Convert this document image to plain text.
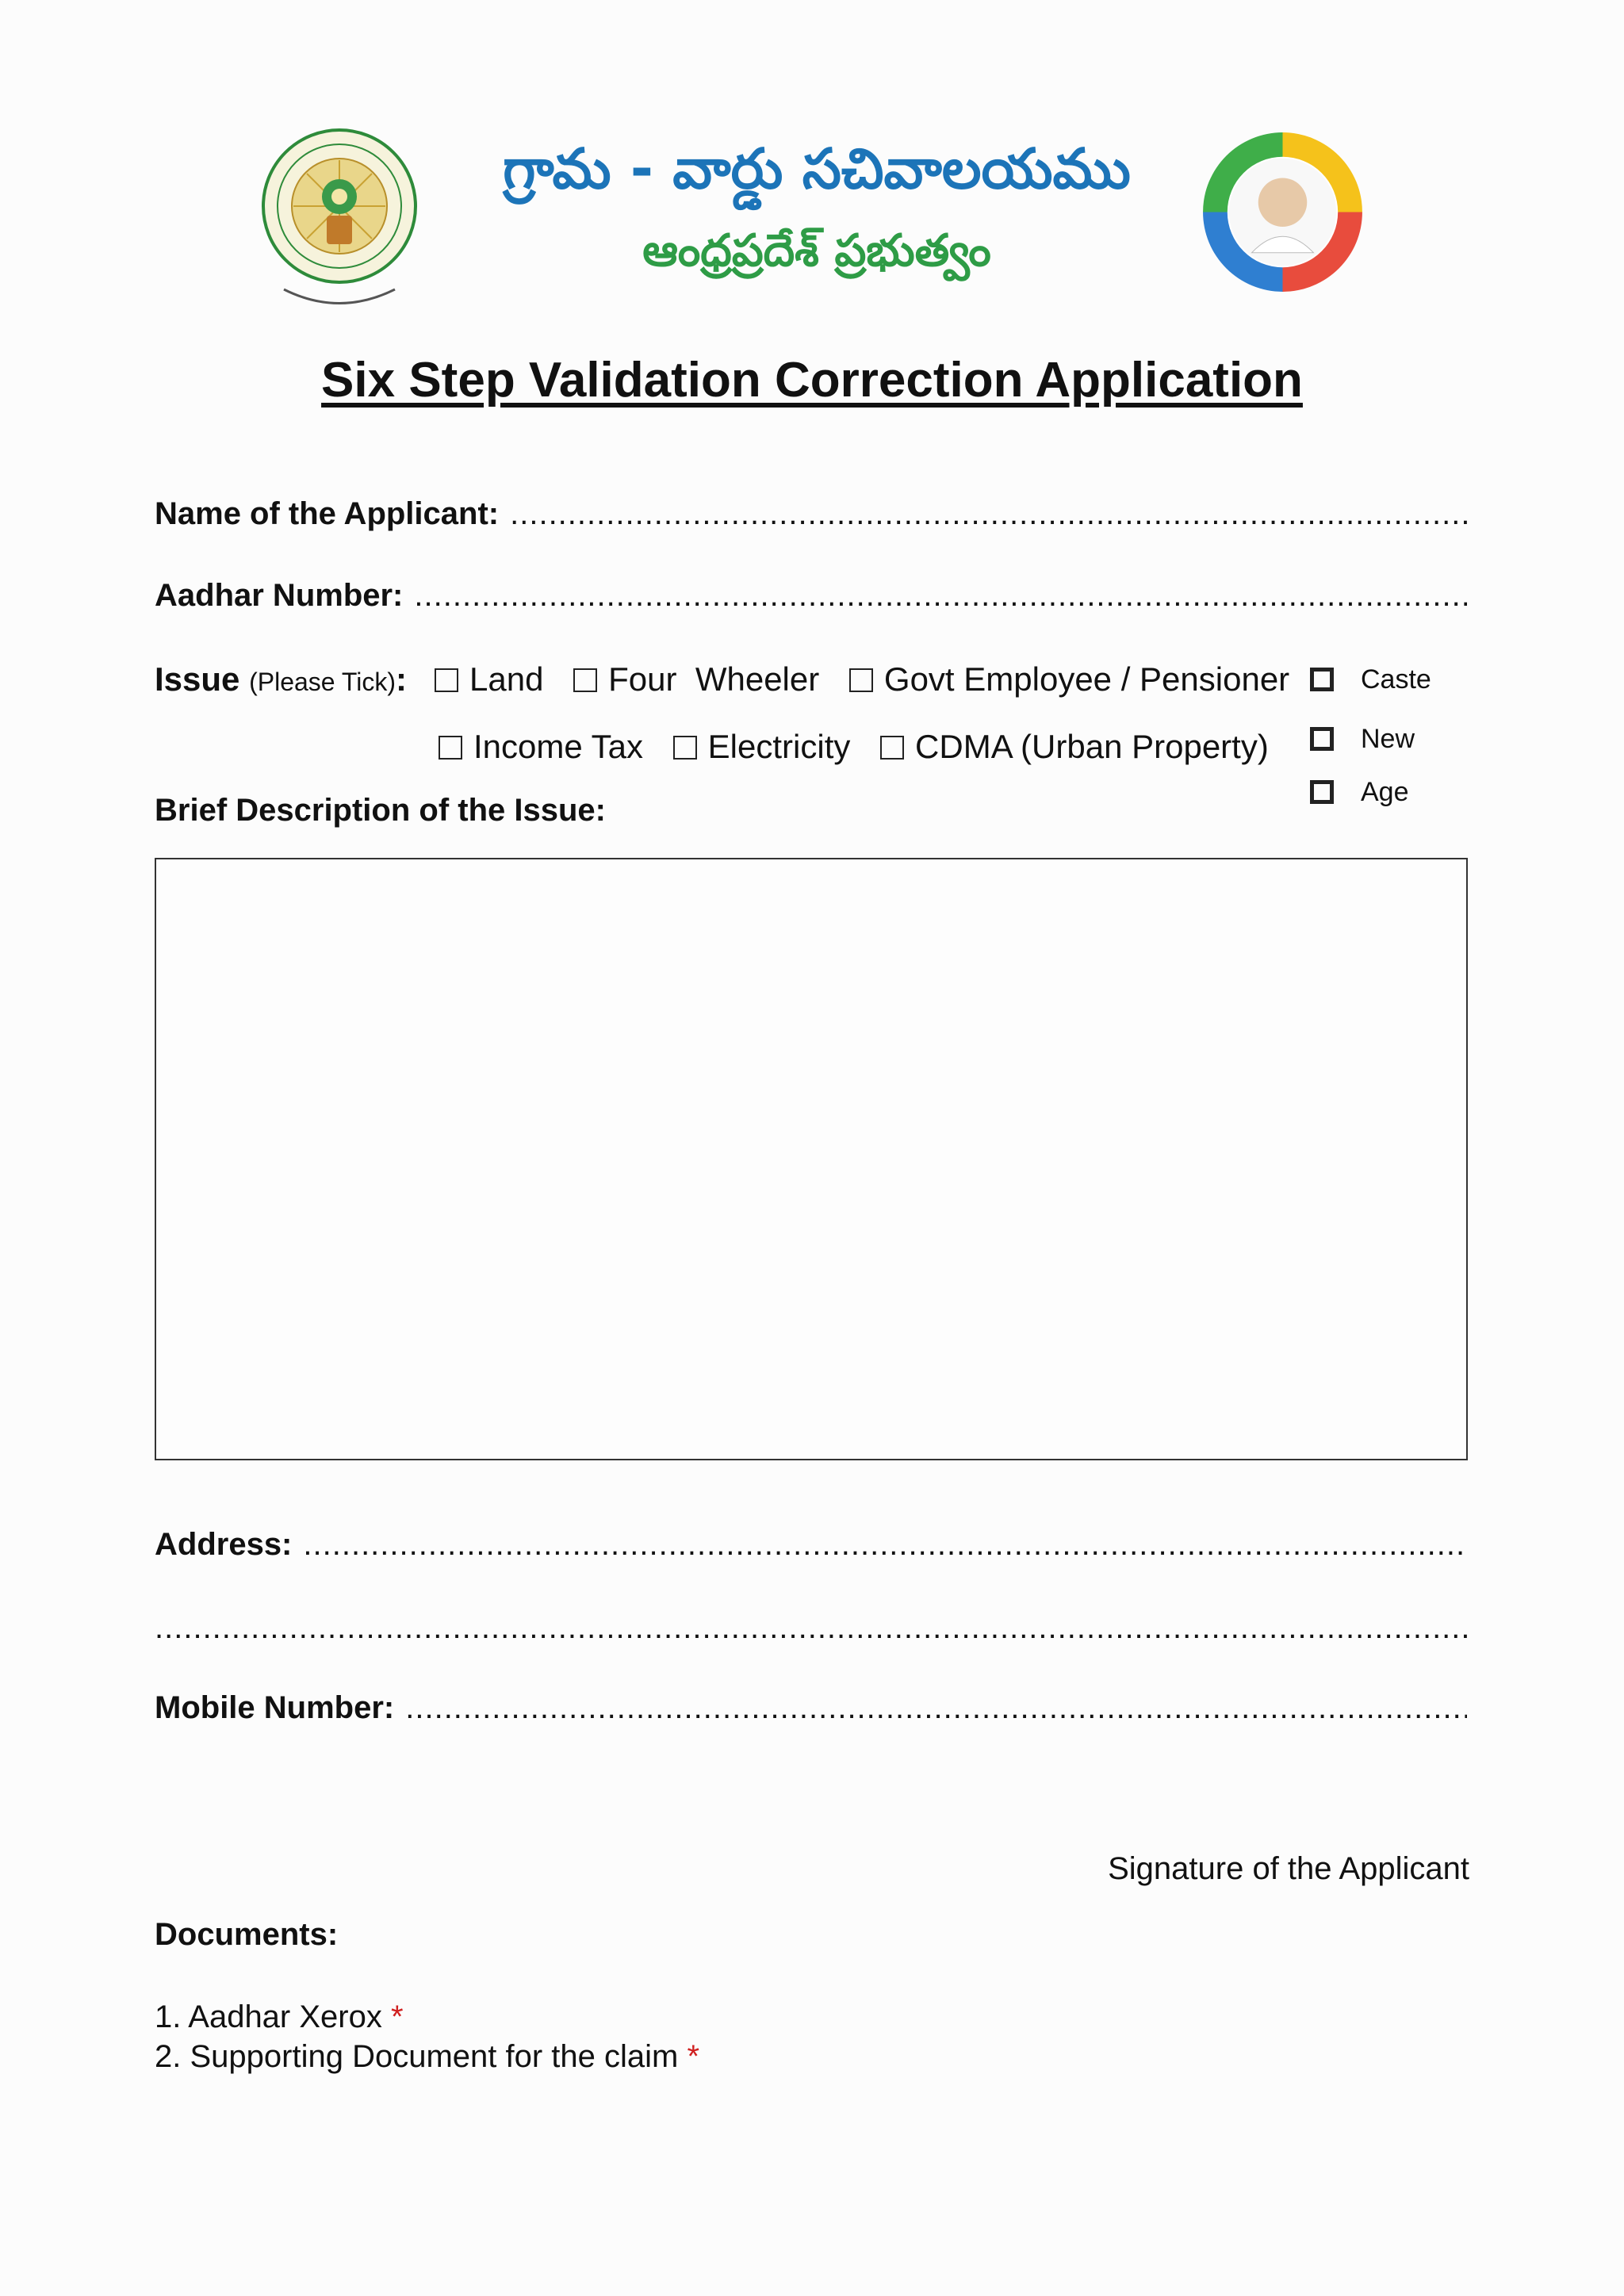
గ్రామ - వార్డు సచివాలయము
ఆంధ్రప్రదేశ్ ప్రభుత్వం
Six Step Validation Correction Application
Name of the Applicant:
.....
Aadhar Number:
.....
Issue (Please Tick): Land Four  Wheeler Govt Employee / Pensioner
Income Tax Electricity CDMA (Urban Property)
Caste
New
Age
Brief Description of the Issue:
Address:
.....
.....
Mobile Number:
.....
Signature of the Applicant
Documents:
1. Aadhar Xerox *
2. Supporting Document for the claim *
